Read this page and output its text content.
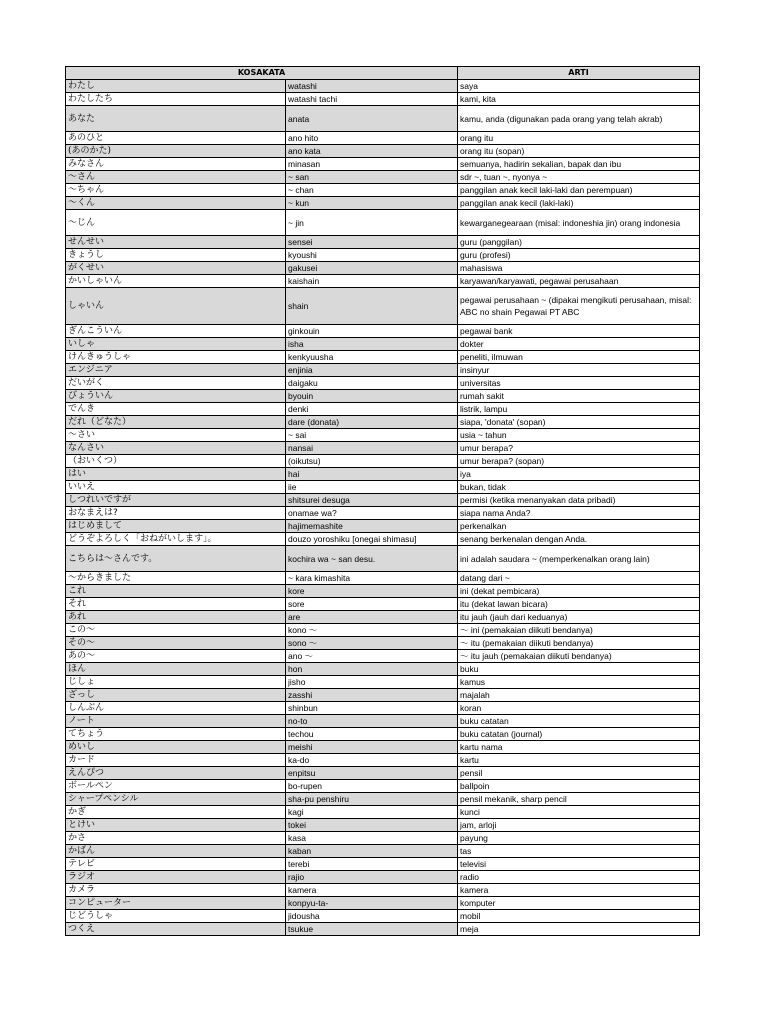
KOSAKATA		ARTI
わたし	watashi	saya
わたしたち	watashi tachi	kami, kita
あなた	anata	kamu, anda (digunakan pada orang yang telah akrab)
あのひと	ano hito	orang itu
(あのかた)	ano kata	orang itu (sopan)
みなさん	minasan	semuanya, hadirin sekalian, bapak dan ibu
～さん	~ san	sdr ~, tuan ~, nyonya ~
～ちゃん	~ chan	panggilan anak kecil laki-laki dan perempuan)
～くん	~ kun	panggilan anak kecil (laki-laki)
～じん	~ jin	kewarganegearaan (misal: indoneshia jin) orang indonesia
せんせい	sensei	guru (panggilan)
きょうし	kyoushi	guru (profesi)
がくせい	gakusei	mahasiswa
かいしゃいん	kaishain	karyawan/karyawati, pegawai perusahaan
しゃいん	shain	pegawai perusahaan ~ (dipakai mengikuti perusahaan, misal: ABC no shain Pegawai PT ABC
ぎんこういん	ginkouin	pegawai bank
いしゃ	isha	dokter
けんきゅうしゃ	kenkyuusha	peneliti, ilmuwan
エンジニア	enjinia	insinyur
だいがく	daigaku	universitas
びょういん	byouin	rumah sakit
でんき	denki	listrik, lampu
だれ（どなた）	dare (donata)	siapa, 'donata' (sopan)
～さい	~ sai	usia ~ tahun
なんさい	nansai	umur berapa?
（おいくつ）	(oikutsu)	umur berapa? (sopan)
はい	hai	iya
いいえ	iie	bukan, tidak
しつれいですが	shitsurei desuga	permisi (ketika menanyakan data pribadi)
おなまえは?	onamae wa?	siapa nama Anda?
はじめまして	hajimemashite	perkenalkan
どうぞよろしく「おねがいします」。	douzo yoroshiku [onegai shimasu]	senang berkenalan dengan Anda.
こちらは～さんです。	kochira wa ~ san desu.	ini adalah saudara ~ (memperkenalkan orang lain)
～からきました	~ kara kimashita	datang dari ~
これ	kore	ini (dekat pembicara)
それ	sore	itu (dekat lawan bicara)
あれ	are	itu jauh (jauh dari keduanya)
この～	kono ～	～ ini (pemakaian diikuti bendanya)
その～	sono ～	～ itu (pemakaian diikuti bendanya)
あの～	ano ～	～ itu jauh (pemakaian diikuti bendanya)
ほん	hon	buku
じしょ	jisho	kamus
ざっし	zasshi	majalah
しんぶん	shinbun	koran
ノート	no-to	buku catatan
てちょう	techou	buku catatan (journal)
めいし	meishi	kartu nama
カード	ka-do	kartu
えんぴつ	enpitsu	pensil
ボールペン	bo-rupen	ballpoin
シャープペンシル	sha-pu penshiru	pensil mekanik, sharp pencil
かぎ	kagi	kunci
とけい	tokei	jam, arloji
かさ	kasa	payung
かばん	kaban	tas
テレビ	terebi	televisi
ラジオ	rajio	radio
カメラ	kamera	kamera
コンピューター	konpyu-ta-	komputer
じどうしゃ	jidousha	mobil
つくえ	tsukue	meja
